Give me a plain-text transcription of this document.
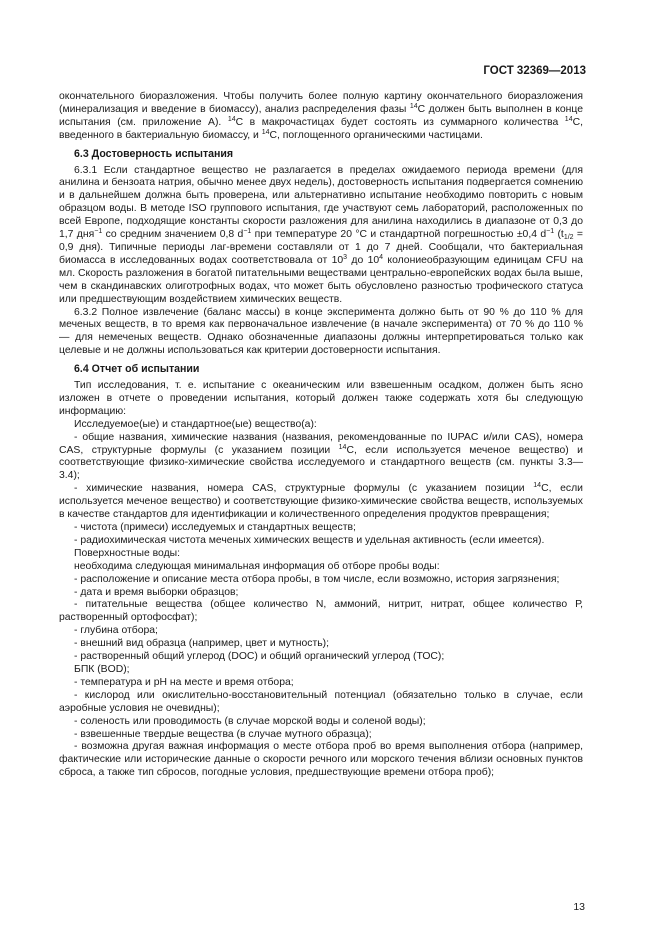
ГОСТ 32369—2013

окончательного биоразложения. Чтобы получить более полную картину окончательного биоразложения (минерализация и введение в биомассу), анализ распределения фазы $^{14}$С должен быть выполнен в конце испытания (см. приложение А). $^{14}$С в макрочастицах будет состоять из суммарного количества $^{14}$С, введенного в бактериальную биомассу, и $^{14}$С, поглощенного органическими частицами.

6.3 Достоверность испытания

6.3.1 Если стандартное вещество не разлагается в пределах ожидаемого периода времени (для анилина и бензоата натрия, обычно менее двух недель), достоверность испытания подвергается сомнению и в дальнейшем должна быть проверена, или альтернативно испытание необходимо повторить с новым образцом воды. В методе ISO группового испытания, где участвуют семь лабораторий, расположенных по всей Европе, подходящие константы скорости разложения для анилина находились в диапазоне от 0,3 до 1,7 дня$^{-1}$ со средним значением 0,8 $d^{-1}$ при температуре 20 °С и стандартной погрешностью ±0,4 $d^{-1}$ ($t_{1/2} = 0,9$ дня). Типичные периоды лаг-времени составляли от 1 до 7 дней. Сообщали, что бактериальная биомасса в исследованных водах соответствовала от $10^3$ до $10^4$ колониеобразующим единицам CFU на мл. Скорость разложения в богатой питательными веществами центрально-европейских водах была выше, чем в скандинавских олиготрофных водах, что может быть обусловлено разностью трофического статуса или предшествующим воздействием химических веществ.

6.3.2 Полное извлечение (баланс массы) в конце эксперимента должно быть от 90 % до 110 % для меченых веществ, в то время как первоначальное извлечение (в начале эксперимента) от 70 % до 110 % — для немеченых веществ. Однако обозначенные диапазоны должны интерпретироваться только как целевые и не должны использоваться как критерии достоверности испытания.

6.4 Отчет об испытании

Тип исследования, т. е. испытание с океаническим или взвешенным осадком, должен быть ясно изложен в отчете о проведении испытания, который должен также содержать хотя бы следующую информацию:

Исследуемое(ые) и стандартное(ые) вещество(а):

- общие названия, химические названия (названия, рекомендованные по IUPAC и/или CAS), номера CAS, структурные формулы (с указанием позиции $^{14}$С, если используется меченое вещество) и соответствующие физико-химические свойства исследуемого и стандартного веществ (см. пункты 3.3—3.4);

- химические названия, номера CAS, структурные формулы (с указанием позиции $^{14}$С, если используется меченое вещество) и соответствующие физико-химические свойства веществ, используемых в качестве стандартов для идентификации и количественного определения продуктов превращения;

- чистота (примеси) исследуемых и стандартных веществ;

- радиохимическая чистота меченых химических веществ и удельная активность (если имеется).

Поверхностные воды:

необходима следующая минимальная информация об отборе пробы воды:

- расположение и описание места отбора пробы, в том числе, если возможно, история загрязнения;

- дата и время выборки образцов;

- питательные вещества (общее количество N, аммоний, нитрит, нитрат, общее количество Р, растворенный ортофосфат);

- глубина отбора;

- внешний вид образца (например, цвет и мутность);

- растворенный общий углерод (DOC) и общий органический углерод (ТОС);

БПК (BOD);

- температура и pH на месте и время отбора;

- кислород или окислительно-восстановительный потенциал (обязательно только в случае, если аэробные условия не очевидны);

- соленость или проводимость (в случае морской воды и соленой воды);

- взвешенные твердые вещества (в случае мутного образца);

- возможна другая важная информация о месте отбора проб во время выполнения отбора (например, фактические или исторические данные о скорости речного или морского течения вблизи основных пунктов сброса, а также тип сбросов, погодные условия, предшествующие времени отбора проб);

13
